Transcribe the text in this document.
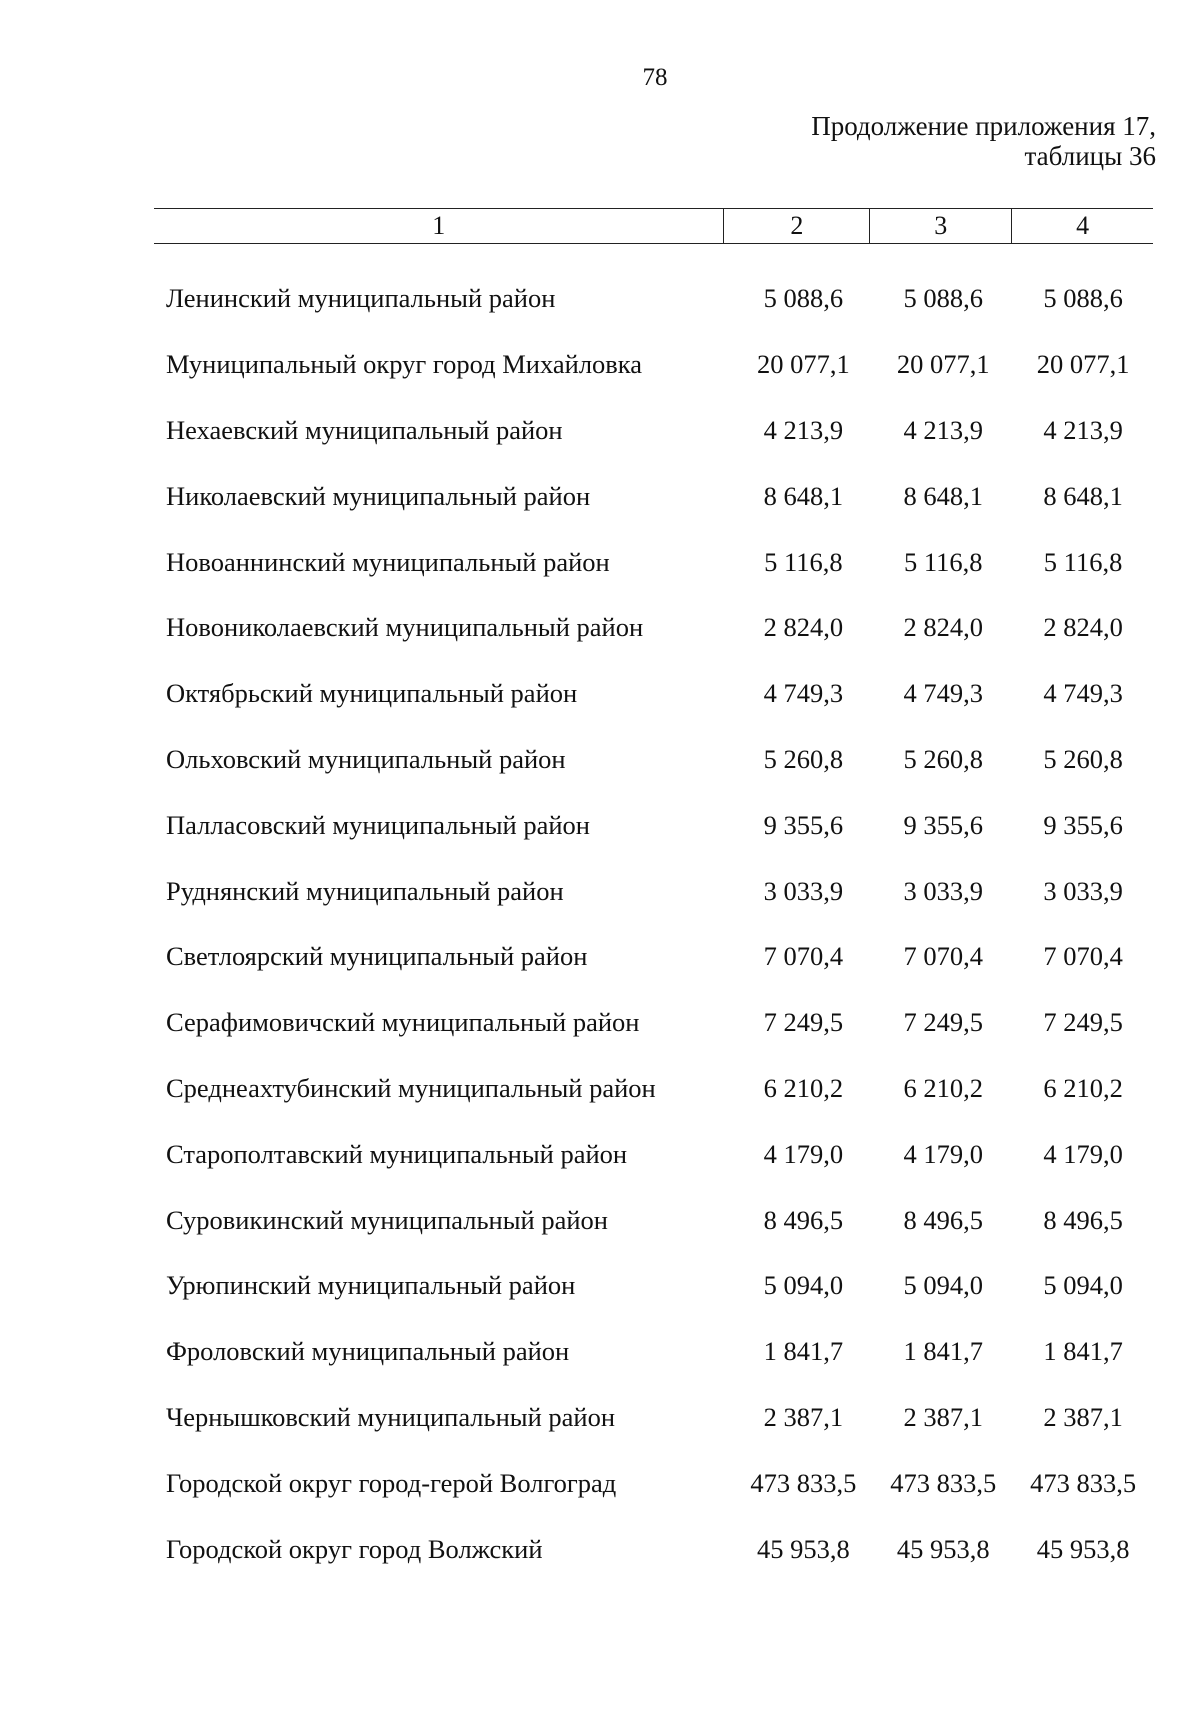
78
Продолжение приложения 17,
таблицы 36
1	2	3	4
Ленинский муниципальный район	5 088,6	5 088,6	5 088,6
Муниципальный округ город Михайловка	20 077,1	20 077,1	20 077,1
Нехаевский муниципальный район	4 213,9	4 213,9	4 213,9
Николаевский муниципальный район	8 648,1	8 648,1	8 648,1
Новоаннинский муниципальный район	5 116,8	5 116,8	5 116,8
Новониколаевский муниципальный район	2 824,0	2 824,0	2 824,0
Октябрьский муниципальный район	4 749,3	4 749,3	4 749,3
Ольховский муниципальный район	5 260,8	5 260,8	5 260,8
Палласовский муниципальный район	9 355,6	9 355,6	9 355,6
Руднянский муниципальный район	3 033,9	3 033,9	3 033,9
Светлоярский муниципальный район	7 070,4	7 070,4	7 070,4
Серафимовичский муниципальный район	7 249,5	7 249,5	7 249,5
Среднеахтубинский муниципальный район	6 210,2	6 210,2	6 210,2
Старополтавский муниципальный район	4 179,0	4 179,0	4 179,0
Суровикинский муниципальный район	8 496,5	8 496,5	8 496,5
Урюпинский муниципальный район	5 094,0	5 094,0	5 094,0
Фроловский муниципальный район	1 841,7	1 841,7	1 841,7
Чернышковский муниципальный район	2 387,1	2 387,1	2 387,1
Городской округ город-герой Волгоград	473 833,5	473 833,5	473 833,5
Городской округ город Волжский	45 953,8	45 953,8	45 953,8
